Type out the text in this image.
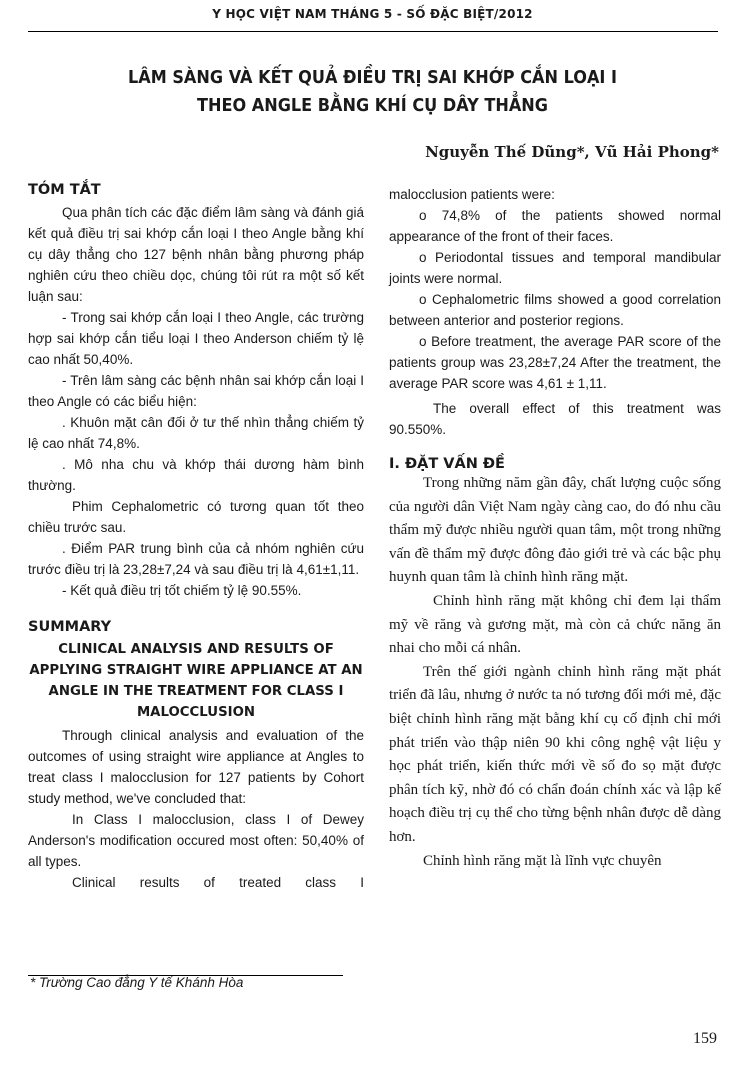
Y HỌC VIỆT NAM THÁNG 5 - SỐ ĐẶC BIỆT/2012
LÂM SÀNG VÀ KẾT QUẢ ĐIỀU TRỊ SAI KHỚP CẮN LOẠI I
THEO ANGLE BẰNG KHÍ CỤ DÂY THẲNG
Nguyễn Thế Dũng*, Vũ Hải Phong*
TÓM TẮT

Qua phân tích các đặc điểm lâm sàng và đánh giá kết quả điều trị sai khớp cắn loại I theo Angle bằng khí cụ dây thẳng cho 127 bệnh nhân bằng phương pháp nghiên cứu theo chiều dọc, chúng tôi rút ra một số kết luận sau:

- Trong sai khớp cắn loại I theo Angle, các trường hợp sai khớp cắn tiểu loại I theo Anderson chiếm tỷ lệ cao nhất 50,40%.

- Trên lâm sàng các bệnh nhân sai khớp cắn loại I theo Angle có các biểu hiện:

. Khuôn mặt cân đối ở tư thế nhìn thẳng chiếm tỷ lệ cao nhất 74,8%.

. Mô nha chu và khớp thái dương hàm bình thường.

Phim Cephalometric có tương quan tốt theo chiều trước sau.

. Điểm PAR trung bình của cả nhóm nghiên cứu trước điều trị là 23,28±7,24 và sau điều trị là 4,61±1,11.

- Kết quả điều trị tốt chiếm tỷ lệ 90.55%.

SUMMARY

CLINICAL ANALYSIS AND RESULTS OF APPLYING STRAIGHT WIRE APPLIANCE AT AN ANGLE IN THE TREATMENT FOR CLASS I MALOCCLUSION

Through clinical analysis and evaluation of the outcomes of using straight wire appliance at Angles to treat class I malocclusion for 127 patients by Cohort study method, we've concluded that:

In Class I malocclusion, class I of Dewey Anderson's modification occured most often: 50,40% of all types.

Clinical results of treated class I

malocclusion patients were:

o 74,8% of the patients showed normal appearance of the front of their faces.

o Periodontal tissues and temporal mandibular joints were normal.

o Cephalometric films showed a good correlation between anterior and posterior regions.

o Before treatment, the average PAR score of the patients group was 23,28±7,24 After the treatment, the average PAR score was 4,61 ± 1,11.

The overall effect of this treatment was 90.550%.

I. ĐẶT VẤN ĐỀ

Trong những năm gần đây, chất lượng cuộc sống của người dân Việt Nam ngày càng cao, do đó nhu cầu thẩm mỹ được nhiều người quan tâm, một trong những vấn đề thẩm mỹ được đông đảo giới trẻ và các bậc phụ huynh quan tâm là chỉnh hình răng mặt.

Chỉnh hình răng mặt không chỉ đem lại thẩm mỹ về răng và gương mặt, mà còn cả chức năng ăn nhai cho mỗi cá nhân.

Trên thế giới ngành chỉnh hình răng mặt phát triển đã lâu, nhưng ở nước ta nó tương đối mới mẻ, đặc biệt chỉnh hình răng mặt bằng khí cụ cố định chỉ mới phát triển vào thập niên 90 khi công nghệ vật liệu y học phát triển, kiến thức mới về số đo sọ mặt được phân tích kỹ, nhờ đó có chẩn đoán chính xác và lập kế hoạch điều trị cụ thể cho từng bệnh nhân được dễ dàng hơn.

Chỉnh hình răng mặt là lĩnh vực chuyên

* Trường Cao đẳng Y tế Khánh Hòa
159
